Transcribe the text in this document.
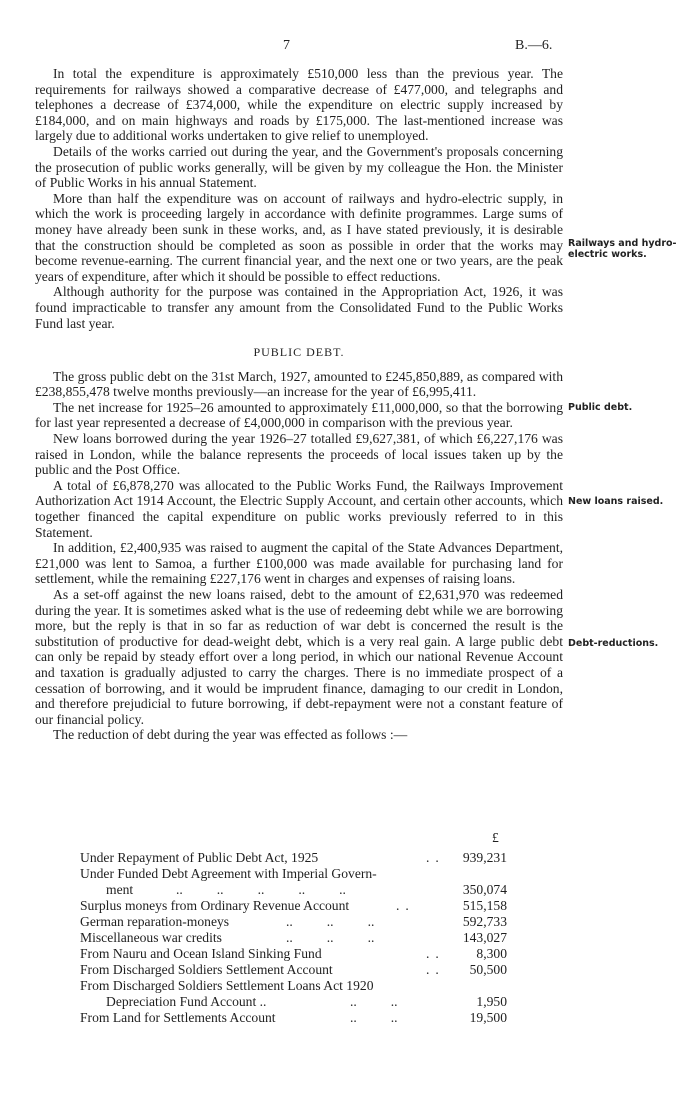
7	B.—6.

In total the expenditure is approximately £510,000 less than the previous year. The requirements for railways showed a comparative decrease of £477,000, and telegraphs and telephones a decrease of £374,000, while the expenditure on electric supply increased by £184,000, and on main highways and roads by £175,000. The last-mentioned increase was largely due to additional works undertaken to give relief to unemployed.

Details of the works carried out during the year, and the Government's proposals concerning the prosecution of public works generally, will be given by my colleague the Hon. the Minister of Public Works in his annual Statement.

More than half the expenditure was on account of railways and hydro-electric supply, in which the work is proceeding largely in accordance with definite programmes. Large sums of money have already been sunk in these works, and, as I have stated previously, it is desirable that the construction should be completed as soon as possible in order that the works may become revenue-earning. The current financial year, and the next one or two years, are the peak years of expenditure, after which it should be possible to effect reductions.

Although authority for the purpose was contained in the Appropriation Act, 1926, it was found impracticable to transfer any amount from the Consolidated Fund to the Public Works Fund last year.

PUBLIC DEBT.

The gross public debt on the 31st March, 1927, amounted to £245,850,889, as compared with £238,855,478 twelve months previously—an increase for the year of £6,995,411.

The net increase for 1925–26 amounted to approximately £11,000,000, so that the borrowing for last year represented a decrease of £4,000,000 in comparison with the previous year.

New loans borrowed during the year 1926–27 totalled £9,627,381, of which £6,227,176 was raised in London, while the balance represents the proceeds of local issues taken up by the public and the Post Office.

A total of £6,878,270 was allocated to the Public Works Fund, the Railways Improvement Authorization Act 1914 Account, the Electric Supply Account, and certain other accounts, which together financed the capital expenditure on public works previously referred to in this Statement.

In addition, £2,400,935 was raised to augment the capital of the State Advances Department, £21,000 was lent to Samoa, a further £100,000 was made available for purchasing land for settlement, while the remaining £227,176 went in charges and expenses of raising loans.

As a set-off against the new loans raised, debt to the amount of £2,631,970 was redeemed during the year. It is sometimes asked what is the use of redeeming debt while we are borrowing more, but the reply is that in so far as reduction of war debt is concerned the result is the substitution of productive for dead-weight debt, which is a very real gain. A large public debt can only be repaid by steady effort over a long period, in which our national Revenue Account and taxation is gradually adjusted to carry the charges. There is no immediate prospect of a cessation of borrowing, and it would be imprudent finance, damaging to our credit in London, and therefore prejudicial to future borrowing, if debt-repayment were not a constant feature of our financial policy.

The reduction of debt during the year was effected as follows :—

Railways and hydro-electric works.
Public debt.
New loans raised.
Debt-reductions.
£
Under Repayment of Public Debt Act, 1925	.. 939,231
Under Funded Debt Agreement with Imperial Govern-
ment	..          ..          ..          ..          ..	350,074
Surplus moneys from Ordinary Revenue Account	..	515,158
German reparation-moneys	..          ..          ..	592,733
Miscellaneous war credits	..          ..          ..	143,027
From Nauru and Ocean Island Sinking Fund	.. 8,300
From Discharged Soldiers Settlement Account	.. 50,500
From Discharged Soldiers Settlement Loans Act 1920
Depreciation Fund Account ..	..          ..	1,950
From Land for Settlements Account	..          ..	19,500
